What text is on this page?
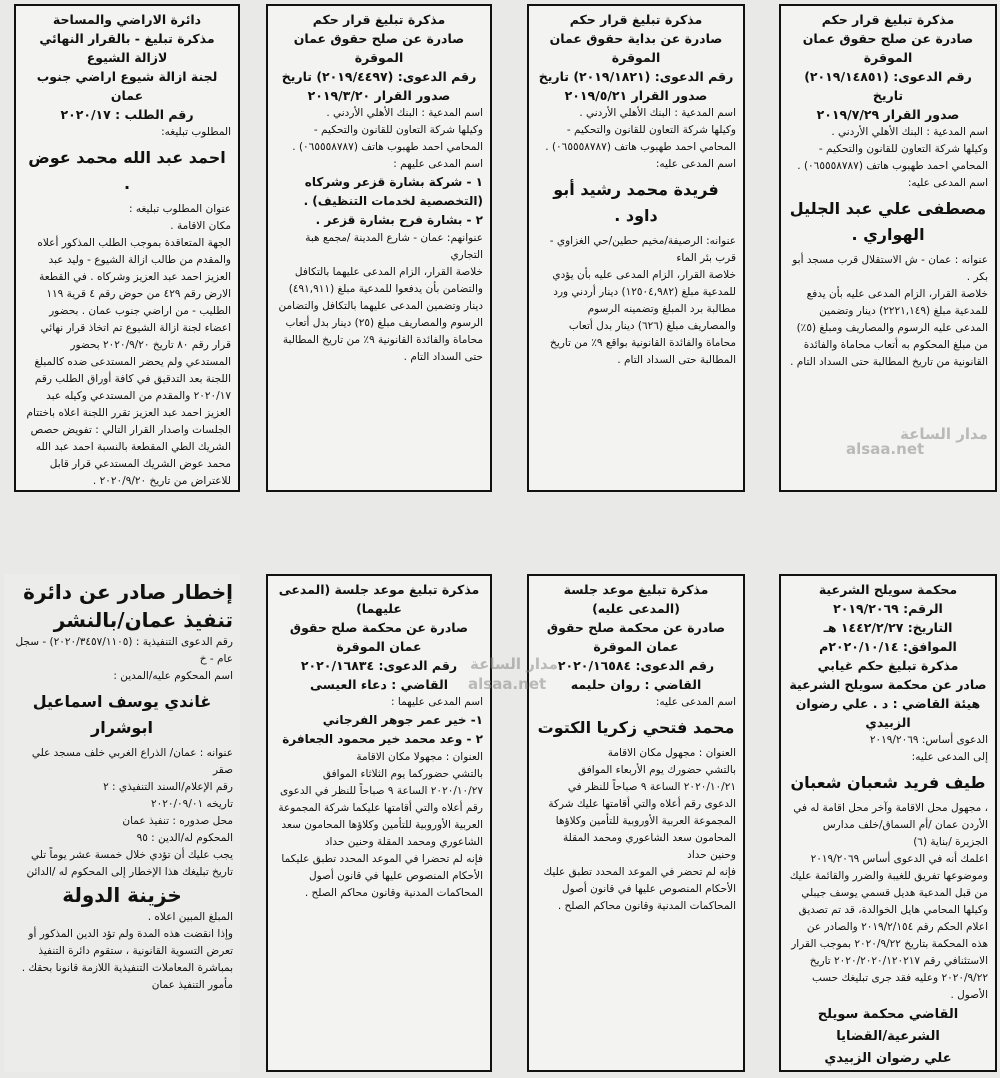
مذكرة تبليغ قرار حكم

صادرة عن صلح حقوق عمان الموقرة

رقم الدعوى: (٢٠١٩/١٤٨٥١) تاريخ

صدور القرار ٢٠١٩/٧/٢٩

اسم المدعية : البنك الأهلي الأردني .

وكيلها شركة التعاون للقانون والتحكيم - المحامي احمد طهبوب هاتف (٠٦٥٥٥٨٧٨٧) .

اسم المدعى عليه:

مصطفى علي عبد الجليل الهواري .

عنوانه : عمان - ش الاستقلال قرب مسجد أبو بكر .

خلاصة القرار، الزام المدعى عليه بأن يدفع للمدعية مبلغ (٢٢٢١,١٤٩) دينار وتضمين المدعى عليه الرسوم والمصاريف ومبلغ (٥٪) من مبلغ المحكوم به أتعاب محاماة والفائدة القانونية من تاريخ المطالبة حتى السداد التام .

مذكرة تبليغ قرار حكم

صادرة عن بداية حقوق عمان الموقرة

رقم الدعوى: (٢٠١٩/١٨٢١) تاريخ

صدور القرار ٢٠١٩/٥/٢١

اسم المدعية : البنك الأهلي الأردني .

وكيلها شركة التعاون للقانون والتحكيم - المحامي احمد طهبوب هاتف (٠٦٥٥٥٨٧٨٧) .

اسم المدعى عليه:

فريدة محمد رشيد أبو داود .

عنوانه: الرصيفة/مخيم حطين/حي الغزاوي - قرب بئر الماء

خلاصة القرار، الزام المدعى عليه بأن يؤدي للمدعية مبلغ (١٢٥٠٤,٩٨٢) دينار أردني ورد مطالبة برد المبلغ وتضمينه الرسوم والمصاريف مبلغ (٦٢٦) دينار بدل أتعاب محاماة والفائدة القانونية بواقع ٩٪ من تاريخ المطالبة حتى السداد التام .

مذكرة تبليغ قرار حكم

صادرة عن صلح حقوق عمان الموقرة

رقم الدعوى: (٢٠١٩/٤٤٩٧) تاريخ

صدور القرار ٢٠١٩/٣/٢٠

اسم المدعية : البنك الأهلي الأردني .

وكيلها شركة التعاون للقانون والتحكيم - المحامي احمد طهبوب هاتف (٠٦٥٥٥٨٧٨٧) .

اسم المدعى عليهم :

١ - شركة بشارة قزعر وشركاه (التخصصية لخدمات التنظيف) .

٢ - بشارة فرح بشارة قزعر .

عنوانهم: عمان - شارع المدينة /مجمع هبة التجاري

خلاصة القرار، الزام المدعى عليهما بالتكافل والتضامن بأن يدفعوا للمدعية مبلغ (٤٩١,٩١١) دينار وتضمين المدعى عليهما بالتكافل والتضامن الرسوم والمصاريف مبلغ (٢٥) دينار بدل أتعاب محاماة والفائدة القانونية ٩٪ من تاريخ المطالبة حتى السداد التام .

دائرة الاراضي والمساحة

مذكرة تبليغ - بالقرار النهائي لازالة الشيوع

لجنة ازالة شيوع اراضي جنوب عمان

رقم الطلب : ٢٠٢٠/١٧

المطلوب تبليغه:

احمد عبد الله محمد عوض .

عنوان المطلوب تبليغه :

مكان الاقامة .

الجهة المتعاقدة بموجب الطلب المذكور أعلاه والمقدم من طالب ازالة الشيوع - وليد عبد العزيز احمد عبد العزيز وشركاه . في القطعة الارض رقم ٤٢٩ من حوض رقم ٤ قرية ١١٩ الطليب - من اراضي جنوب عمان . بحضور اعضاء لجنة ازالة الشيوع تم اتخاذ قرار نهائي قرار رقم ٨٠ تاريخ ٢٠٢٠/٩/٢٠ بحضور المستدعي ولم يحضر المستدعى ضده كالمبلغ اللجنة بعد التدقيق في كافة أوراق الطلب رقم ٢٠٢٠/١٧ والمقدم من المستدعي وكيله عبد العزيز احمد عبد العزيز تقرر اللجنة اعلاه باختتام الجلسات واصدار القرار التالي : تفويض حصص الشريك الطي المقطعة بالنسبة احمد عبد الله محمد عوض الشريك المستدعي قرار قابل للاعتراض من تاريخ ٢٠٢٠/٩/٢٠ .

محكمة سويلح الشرعية

الرقم: ٢٠١٩/٢٠٦٩

التاريخ: ١٤٤٢/٢/٢٧ هـ

الموافق: ٢٠٢٠/١٠/١٤م

مذكرة تبليغ حكم غيابي

صادر عن محكمة سويلح الشرعية

هيئة القاضي : د . علي رضوان الزبيدي

الدعوى أساس: ٢٠١٩/٢٠٦٩

إلى المدعى عليه:

طيف فريد شعبان شعبان

، مجهول محل الاقامة وآخر محل اقامة له في الأردن عمان /أم السماق/خلف مدارس الجزيرة /بناية (٦)

اعلمك أنه في الدعوى أساس ٢٠١٩/٢٠٦٩ وموضوعها تفريق للغيبة والضرر والقائمة عليك من قبل المدعية هديل قسمي يوسف جيبلي وكيلها المحامي هايل الخوالدة، قد تم تصديق اعلام الحكم رقم ٢٠١٩/٢/١٥٤ والصادر عن هذه المحكمة بتاريخ ٢٠٢٠/٩/٢٢ بموجب القرار الاستئنافي رقم ٢٠٢٠/٢٠٢٠/١٢٠٢١٧ تاريخ ٢٠٢٠/٩/٢٢ وعليه فقد جرى تبليغك حسب الأصول .

القاضي محكمة سويلح الشرعية/القضايا

علي رضوان الزبيدي

مذكرة تبليغ موعد جلسة (المدعى عليه)

صادرة عن محكمة صلح حقوق عمان الموقرة

رقم الدعوى: ٢٠٢٠/١٦٥٨٤

القاضي : روان حليمه

اسم المدعى عليه:

محمد فتحي زكريا الكتوت

العنوان : مجهول مكان الاقامة

بالتشي حضورك يوم الأربعاء الموافق ٢٠٢٠/١٠/٢١ الساعة ٩ صباحاً للنظر في الدعوى رقم أعلاه والتي أقامتها عليك شركة المجموعة العربية الأوروبية للتأمين وكلاؤها المحامون سعد الشاعوري ومحمد المقلة وحنين حداد

فإنه لم تحضر في الموعد المحدد تطبق عليك الأحكام المنصوص عليها في قانون أصول المحاكمات المدنية وقانون محاكم الصلح .

مذكرة تبليغ موعد جلسة (المدعى عليهما)

صادرة عن محكمة صلح حقوق عمان الموقرة

رقم الدعوى: ٢٠٢٠/١٦٨٣٤

القاضي : دعاء العيسى

اسم المدعى عليهما :

١- خير عمر جوهر الفرجاني

٢ - وعد محمد خير محمود الجعافرة

العنوان : مجهولا مكان الاقامة

بالتشي حضوركما يوم الثلاثاء الموافق ٢٠٢٠/١٠/٢٧ الساعة ٩ صباحاً للنظر في الدعوى رقم أعلاه والتي أقامتها عليكما شركة المجموعة العربية الأوروبية للتأمين وكلاؤها المحامون سعد الشاعوري ومحمد المقلة وحنين حداد

فإنه لم تحضرا في الموعد المحدد تطبق عليكما الأحكام المنصوص عليها في قانون أصول المحاكمات المدنية وقانون محاكم الصلح .

إخطار صادر عن دائرة تنفيذ عمان/بالنشر

رقم الدعوى التنفيذية : (٢٠٢٠/٣٤٥٧/١١٠٥) - سجل عام - خ

اسم المحكوم عليه/المدين :

غاندي يوسف اسماعيل ابوشرار

عنوانه : عمان/ الذراع الغربي خلف مسجد علي صقر

رقم الإعلام/السند التنفيذي : ٢

تاريخه ٢٠٢٠/٠٩/٠١

محل صدوره : تنفيذ عمان

المحكوم له/الدين : ٩٥

يجب عليك أن تؤدي خلال خمسة عشر يوماً تلي تاريخ تبليغك هذا الإخطار إلى المحكوم له /الدائن

خزينة الدولة

المبلغ المبين اعلاه .

وإذا انقضت هذه المدة ولم تؤد الدين المذكور أو تعرض التسوية القانونية ، ستقوم دائرة التنفيذ بمباشرة المعاملات التنفيذية اللازمة قانونا بحقك .

مأمور التنفيذ عمان

مدار الساعة
alsaa.net
مدار الساعة
alsaa.net
